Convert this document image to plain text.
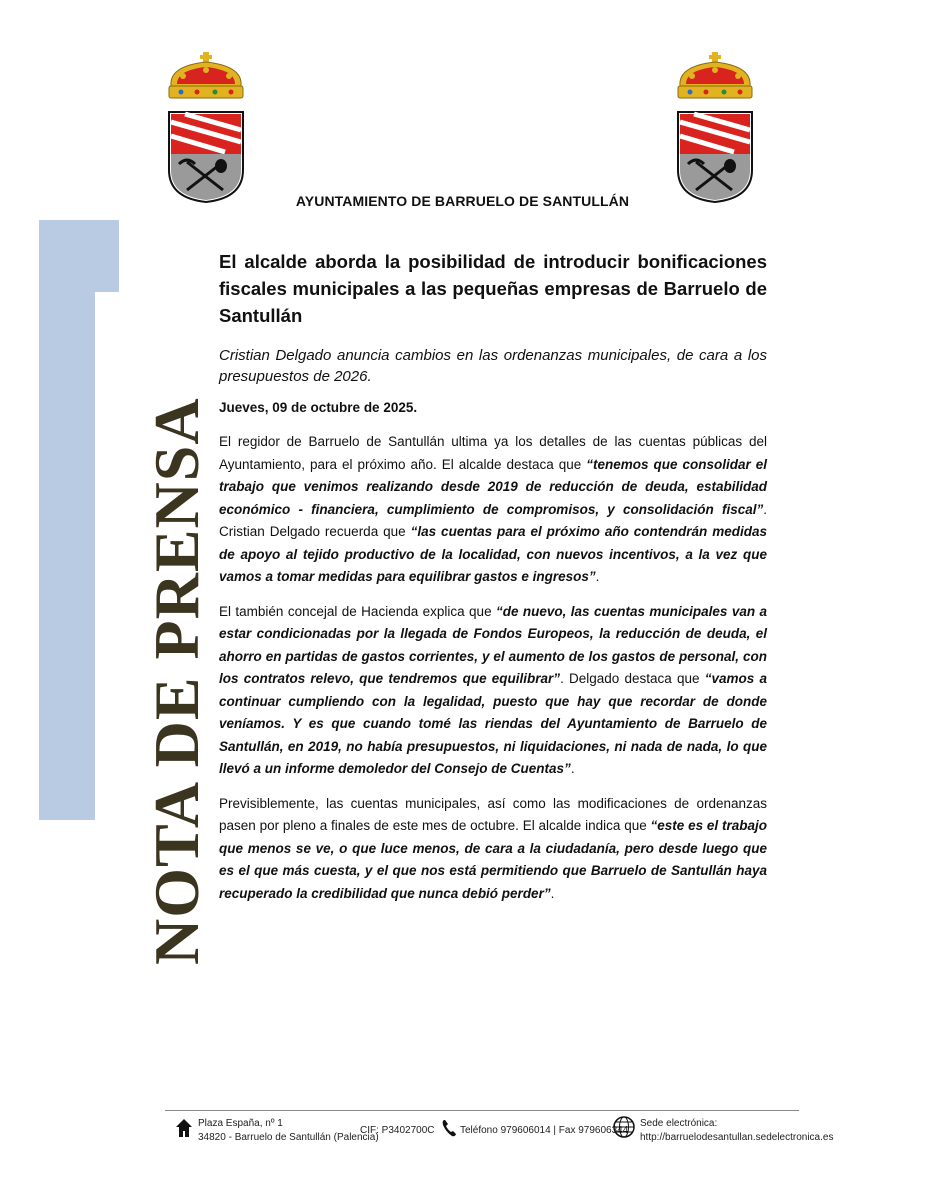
AYUNTAMIENTO DE BARRUELO DE SANTULLÁN
NOTA DE PRENSA

El alcalde aborda la posibilidad de introducir bonificaciones fiscales municipales a las pequeñas empresas de Barruelo de Santullán

Cristian Delgado anuncia cambios en las ordenanzas municipales, de cara a los presupuestos de 2026.

Jueves, 09 de octubre de 2025.

El regidor de Barruelo de Santullán ultima ya los detalles de las cuentas públicas del Ayuntamiento, para el próximo año. El alcalde destaca que “tenemos que consolidar el trabajo que venimos realizando desde 2019 de reducción de deuda, estabilidad económico - financiera, cumplimiento de compromisos, y consolidación fiscal”. Cristian Delgado recuerda que “las cuentas para el próximo año contendrán medidas de apoyo al tejido productivo de la localidad, con nuevos incentivos, a la vez que vamos a tomar medidas para equilibrar gastos e ingresos”.

El también concejal de Hacienda explica que “de nuevo, las cuentas municipales van a estar condicionadas por la llegada de Fondos Europeos, la reducción de deuda, el ahorro en partidas de gastos corrientes, y el aumento de los gastos de personal, con los contratos relevo, que tendremos que equilibrar”. Delgado destaca que “vamos a continuar cumpliendo con la legalidad, puesto que hay que recordar de donde veníamos. Y es que cuando tomé las riendas del Ayuntamiento de Barruelo de Santullán, en 2019, no había presupuestos, ni liquidaciones, ni nada de nada, lo que llevó a un informe demoledor del Consejo de Cuentas”.

Previsiblemente, las cuentas municipales, así como las modificaciones de ordenanzas pasen por pleno a finales de este mes de octubre. El alcalde indica que “este es el trabajo que menos se ve, o que luce menos, de cara a la ciudadanía, pero desde luego que es el que más cuesta, y el que nos está permitiendo que Barruelo de Santullán haya recuperado la credibilidad que nunca debió perder”.

Plaza España, nº 1
34820 - Barruelo de Santullán (Palencia)
CIF: P3402700C	Teléfono 979606014 | Fax 979606344
Sede electrónica:
http://barruelodesantullan.sedelectronica.es
